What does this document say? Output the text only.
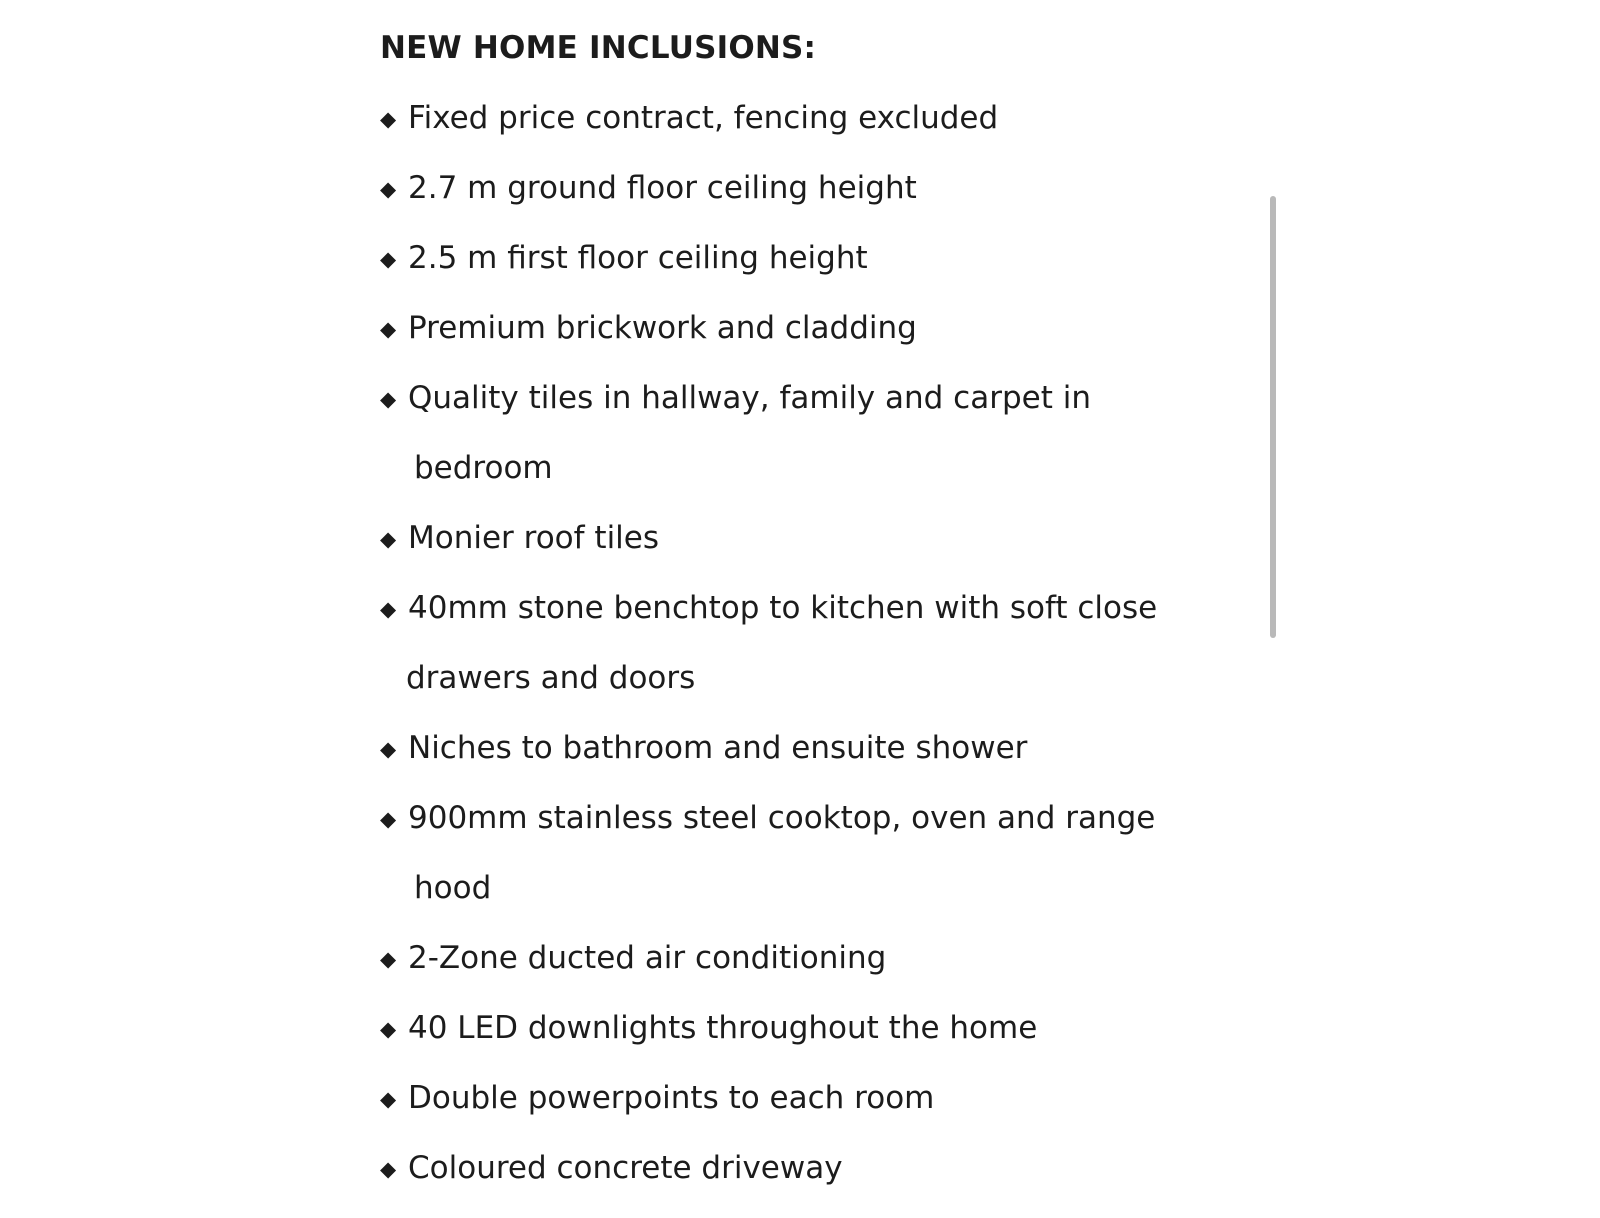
NEW HOME INCLUSIONS:
◆ Fixed price contract, fencing excluded
◆ 2.7 m ground floor ceiling height
◆ 2.5 m first floor ceiling height
◆ Premium brickwork and cladding
◆ Quality tiles in hallway, family and carpet in
bedroom
◆ Monier roof tiles
◆ 40mm stone benchtop to kitchen with soft close
drawers and doors
◆ Niches to bathroom and ensuite shower
◆ 900mm stainless steel cooktop, oven and range
hood
◆ 2-Zone ducted air conditioning
◆ 40 LED downlights throughout the home
◆ Double powerpoints to each room
◆ Coloured concrete driveway
